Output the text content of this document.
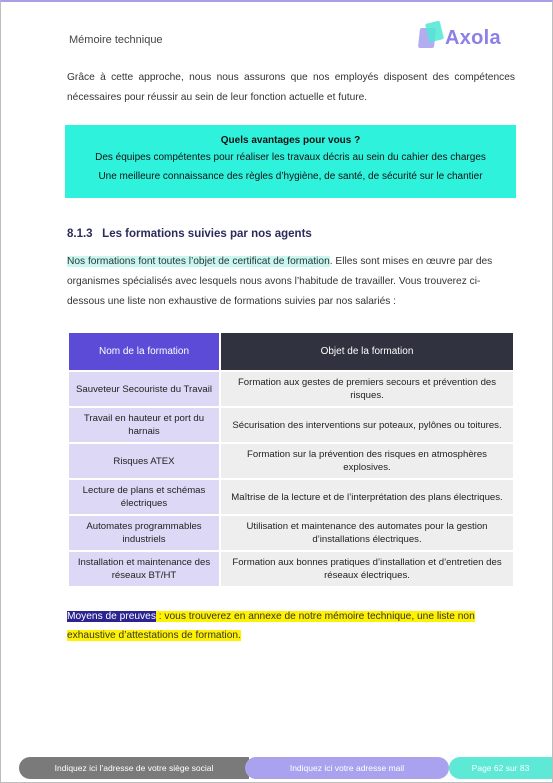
Mémoire technique	Axola
Grâce à cette approche, nous nous assurons que nos employés disposent des compétences nécessaires pour réussir au sein de leur fonction actuelle et future.
Quels avantages pour vous ?
Des équipes compétentes pour réaliser les travaux décris au sein du cahier des charges
Une meilleure connaissance des règles d’hygiène, de santé, de sécurité sur le chantier
8.1.3 Les formations suivies par nos agents
Nos formations font toutes l’objet de certificat de formation. Elles sont mises en œuvre par des organismes spécialisés avec lesquels nous avons l’habitude de travailler. Vous trouverez ci-dessous une liste non exhaustive de formations suivies par nos salariés :
Nom de la formation	Objet de la formation
Sauveteur Secouriste du Travail	Formation aux gestes de premiers secours et prévention des risques.
Travail en hauteur et port du harnais	Sécurisation des interventions sur poteaux, pylônes ou toitures.
Risques ATEX	Formation sur la prévention des risques en atmosphères explosives.
Lecture de plans et schémas électriques	Maîtrise de la lecture et de l’interprétation des plans électriques.
Automates programmables industriels	Utilisation et maintenance des automates pour la gestion d’installations électriques.
Installation et maintenance des réseaux BT/HT	Formation aux bonnes pratiques d’installation et d’entretien des réseaux électriques.
Moyens de preuves : vous trouverez en annexe de notre mémoire technique, une liste non exhaustive d’attestations de formation.
Indiquez ici l’adresse de votre siège social	Indiquez ici votre adresse mail	Page 62 sur 83
